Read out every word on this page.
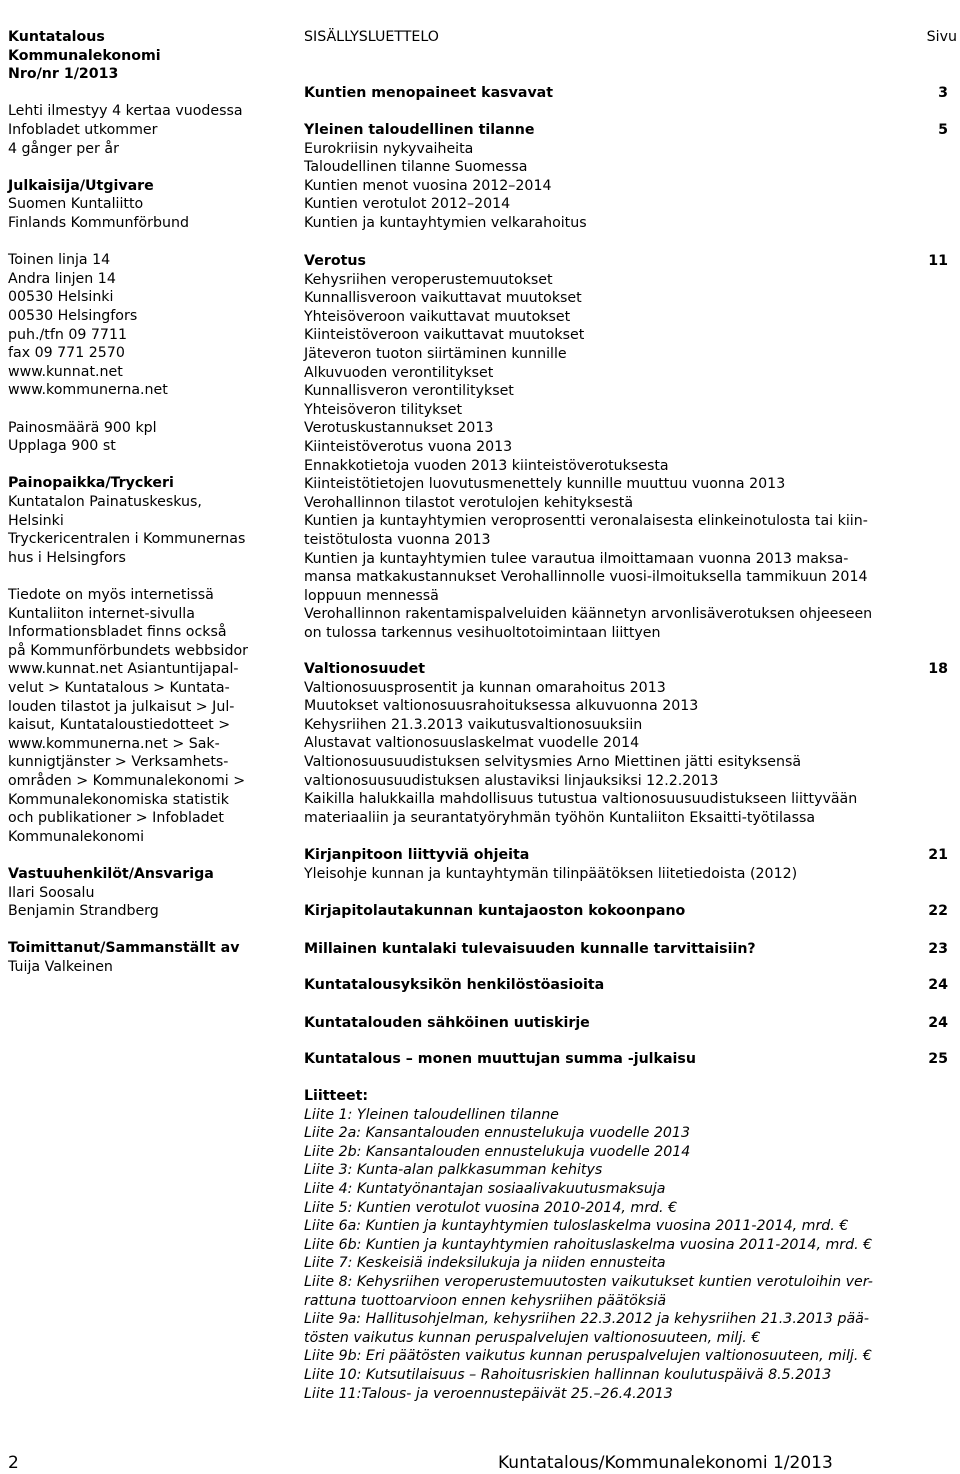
2	Kuntatalous/Kommunalekonomi 1/2013
Kuntatalous
Kommunalekonomi
Nro/nr 1/2013
Lehti ilmestyy 4 kertaa vuodessa
Infobladet utkommer
4 gånger per år
Julkaisija/Utgivare
Suomen Kuntaliitto
Finlands Kommunförbund
Toinen linja 14
Andra linjen 14
00530 Helsinki
00530 Helsingfors
puh./tfn 09 7711
fax 09 771 2570
www.kunnat.net
www.kommunerna.net
Painosmäärä 900 kpl
Upplaga 900 st
Painopaikka/Tryckeri
Kuntatalon Painatuskeskus,
Helsinki
Tryckericentralen i Kommunernas
hus i Helsingfors
Tiedote on myös internetissä
Kuntaliiton internet-sivulla
Informationsbladet finns också
på Kommunförbundets webbsidor
www.kunnat.net Asiantuntijapal-
velut > Kuntatalous > Kuntata-
louden tilastot ja julkaisut > Jul-
kaisut, Kuntataloustiedotteet >
www.kommunerna.net > Sak-
kunnigtjänster > Verksamhets-
områden > Kommunalekonomi >
Kommunalekonomiska statistik
och publikationer > Infobladet
Kommunalekonomi
Vastuuhenkilöt/Ansvariga
Ilari Soosalu
Benjamin Strandberg
Toimittanut/Sammanställt av
Tuija Valkeinen
SISÄLLYSLUETTELO	Sivu
Kuntien menopaineet kasvavat	3
Yleinen taloudellinen tilanne	5
Eurokriisin nykyvaiheita
Taloudellinen tilanne Suomessa
Kuntien menot vuosina 2012–2014
Kuntien verotulot 2012–2014
Kuntien ja kuntayhtymien velkarahoitus
Verotus	11
Kehysriihen veroperustemuutokset
Kunnallisveroon vaikuttavat muutokset
Yhteisöveroon vaikuttavat muutokset
Kiinteistöveroon vaikuttavat muutokset
Jäteveron tuoton siirtäminen kunnille
Alkuvuoden verontilitykset
Kunnallisveron verontilitykset
Yhteisöveron tilitykset
Verotuskustannukset 2013
Kiinteistöverotus vuona 2013
Ennakkotietoja vuoden 2013 kiinteistöverotuksesta
Kiinteistötietojen luovutusmenettely kunnille muuttuu vuonna 2013
Verohallinnon tilastot verotulojen kehityksestä
Kuntien ja kuntayhtymien veroprosentti veronalaisesta elinkeinotulosta tai kiin-
teistötulosta vuonna 2013
Kuntien ja kuntayhtymien tulee varautua ilmoittamaan vuonna 2013 maksa-
mansa matkakustannukset Verohallinnolle vuosi-ilmoituksella tammikuun 2014
loppuun mennessä
Verohallinnon rakentamispalveluiden käännetyn arvonlisäverotuksen ohjeeseen
on tulossa tarkennus vesihuoltotoimintaan liittyen
Valtionosuudet	18
Valtionosuusprosentit ja kunnan omarahoitus 2013
Muutokset valtionosuusrahoituksessa alkuvuonna 2013
Kehysriihen 21.3.2013 vaikutusvaltionosuuksiin
Alustavat valtionosuuslaskelmat vuodelle 2014
Valtionosuusuudistuksen selvitysmies Arno Miettinen jätti esityksensä
valtionosuusuudistuksen alustaviksi linjauksiksi 12.2.2013
Kaikilla halukkailla mahdollisuus tutustua valtionosuusuudistukseen liittyvään
materiaaliin ja seurantatyöryhmän työhön Kuntaliiton Eksaitti-työtilassa
Kirjanpitoon liittyviä ohjeita	21
Yleisohje kunnan ja kuntayhtymän tilinpäätöksen liitetiedoista (2012)
Kirjapitolautakunnan kuntajaoston kokoonpano	22
Millainen kuntalaki tulevaisuuden kunnalle tarvittaisiin?	23
Kuntatalousyksikön henkilöstöasioita	24
Kuntatalouden sähköinen uutiskirje	24
Kuntatalous – monen muuttujan summa -julkaisu	25
Liitteet:
Liite 1: Yleinen taloudellinen tilanne
Liite 2a: Kansantalouden ennustelukuja vuodelle 2013
Liite 2b: Kansantalouden ennustelukuja vuodelle 2014
Liite 3: Kunta-alan palkkasumman kehitys
Liite 4: Kuntatyönantajan sosiaalivakuutusmaksuja
Liite 5: Kuntien verotulot vuosina 2010-2014, mrd. €
Liite 6a: Kuntien ja kuntayhtymien tuloslaskelma vuosina 2011-2014, mrd. €
Liite 6b: Kuntien ja kuntayhtymien rahoituslaskelma vuosina 2011-2014, mrd. €
Liite 7: Keskeisiä indeksilukuja ja niiden ennusteita
Liite 8: Kehysriihen veroperustemuutosten vaikutukset kuntien verotuloihin ver-
rattuna tuottoarvioon ennen kehysriihen päätöksiä
Liite 9a: Hallitusohjelman, kehysriihen 22.3.2012 ja kehysriihen 21.3.2013 pää-
tösten vaikutus kunnan peruspalvelujen valtionosuuteen, milj. €
Liite 9b: Eri päätösten vaikutus kunnan peruspalvelujen valtionosuuteen, milj. €
Liite 10: Kutsutilaisuus – Rahoitusriskien hallinnan koulutuspäivä 8.5.2013
Liite 11:Talous- ja veroennustepäivät 25.–26.4.2013
